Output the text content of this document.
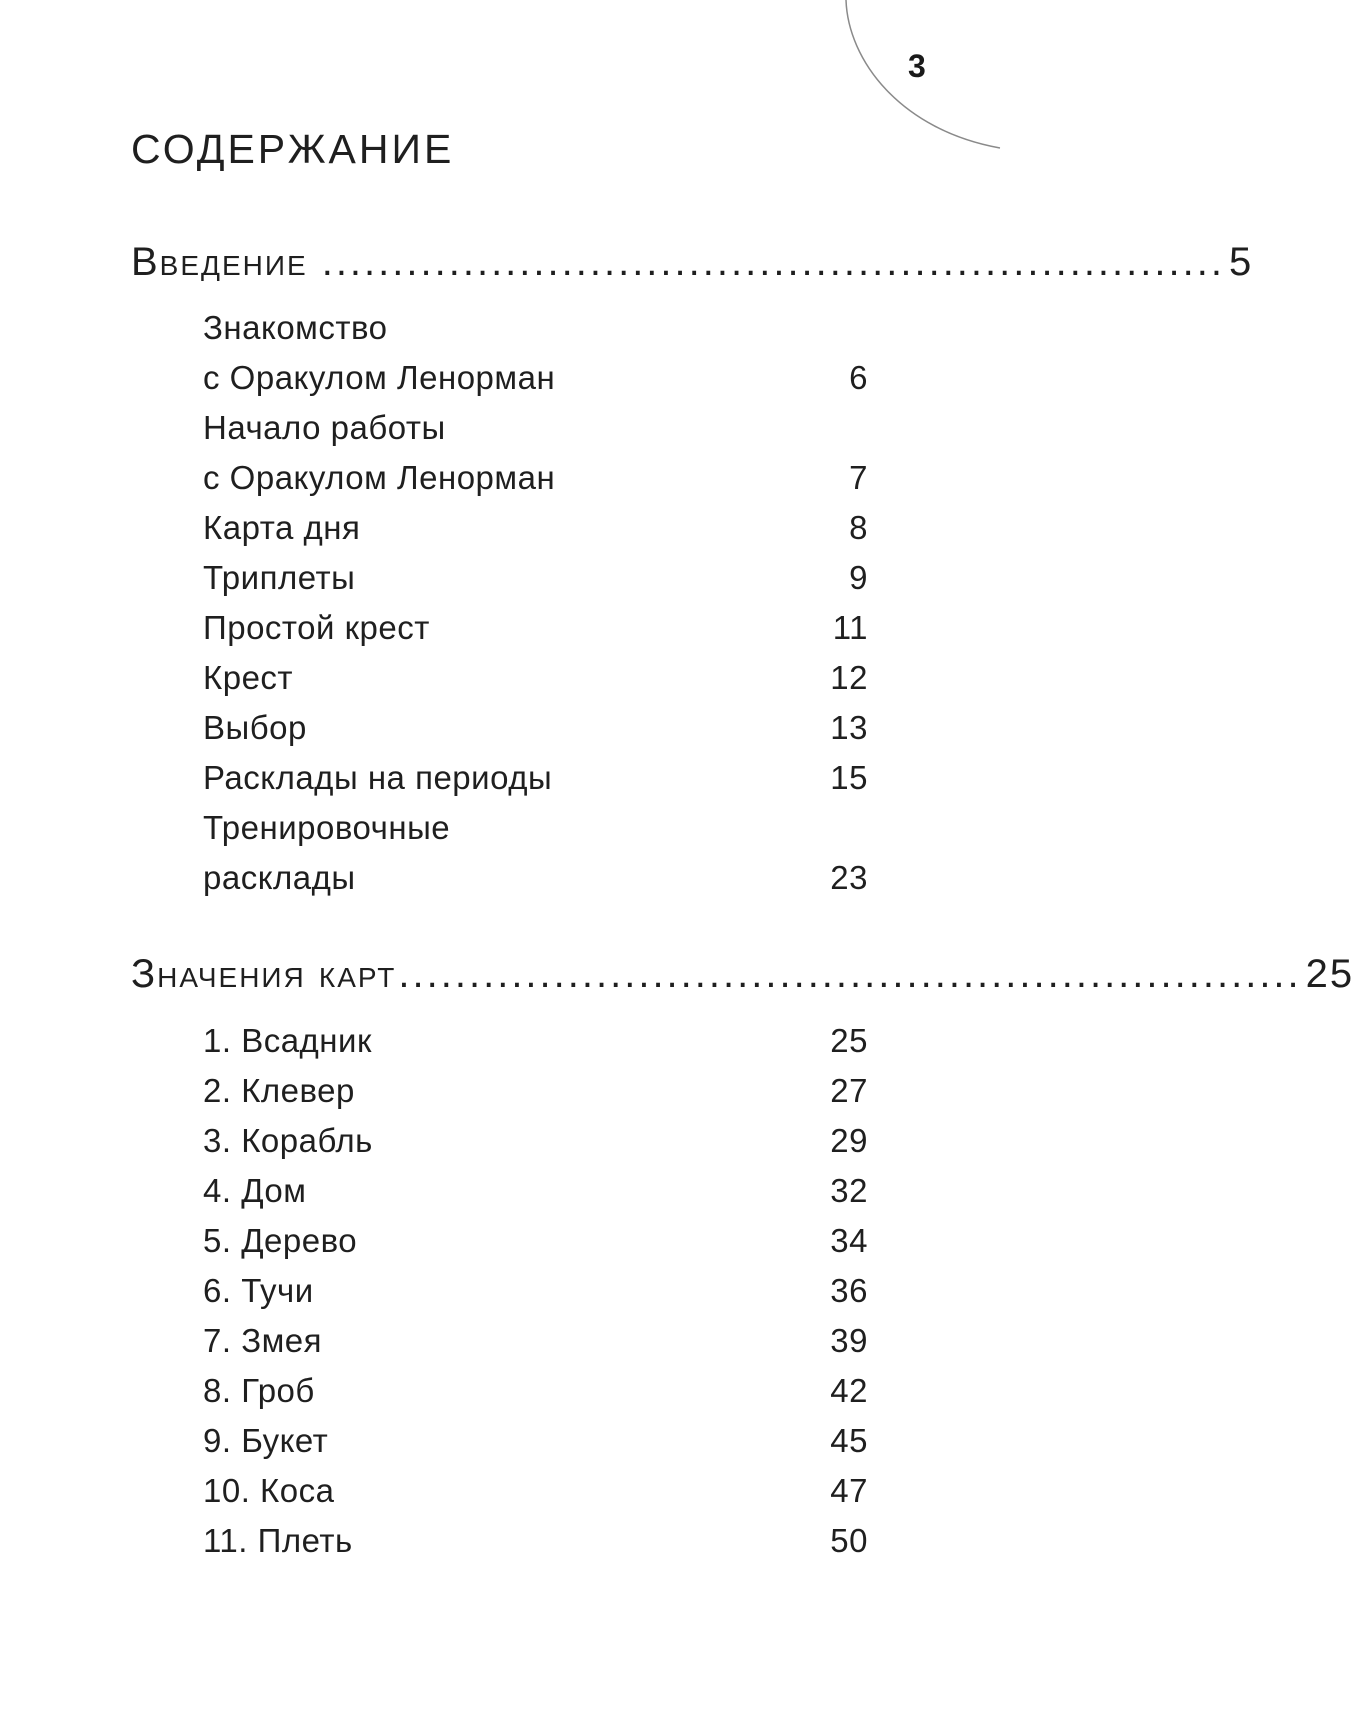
3
СОДЕРЖАНИЕ
Введение ................................................................ 5
Знакомство
с Оракулом Ленорман	6
Начало работы
с Оракулом Ленорман	7
Карта дня	8
Триплеты	9
Простой крест	11
Крест	12
Выбор	13
Расклады на периоды	15
Тренировочные
расклады	23
Значения карт ................................................................ 25
1. Всадник	25
2. Клевер	27
3. Корабль	29
4. Дом	32
5. Дерево	34
6. Тучи	36
7. Змея	39
8. Гроб	42
9. Букет	45
10. Коса	47
11. Плеть	50
